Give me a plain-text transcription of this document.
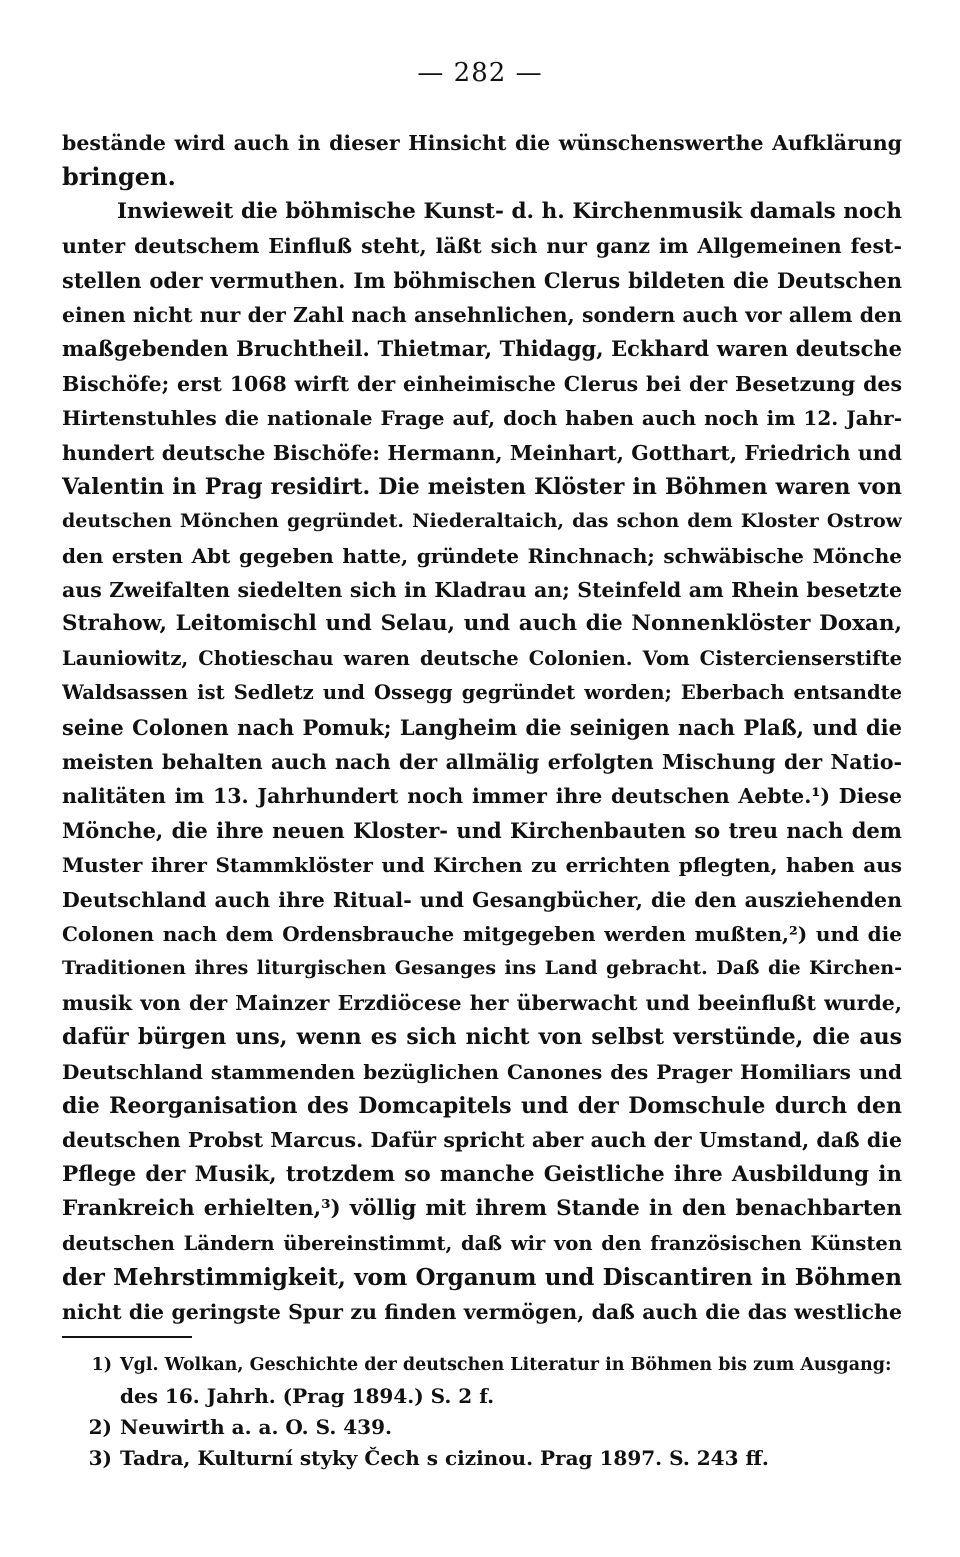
— 282 —
bestände wird auch in dieser Hinsicht die wünschenswerthe Aufklärung
bringen.
Inwieweit die böhmische Kunst- d. h. Kirchenmusik damals noch
unter deutschem Einfluß steht, läßt sich nur ganz im Allgemeinen fest-
stellen oder vermuthen. Im böhmischen Clerus bildeten die Deutschen
einen nicht nur der Zahl nach ansehnlichen, sondern auch vor allem den
maßgebenden Bruchtheil. Thietmar, Thidagg, Eckhard waren deutsche
Bischöfe; erst 1068 wirft der einheimische Clerus bei der Besetzung des
Hirtenstuhles die nationale Frage auf, doch haben auch noch im 12. Jahr-
hundert deutsche Bischöfe: Hermann, Meinhart, Gotthart, Friedrich und
Valentin in Prag residirt. Die meisten Klöster in Böhmen waren von
deutschen Mönchen gegründet. Niederaltaich, das schon dem Kloster Ostrow
den ersten Abt gegeben hatte, gründete Rinchnach; schwäbische Mönche
aus Zweifalten siedelten sich in Kladrau an; Steinfeld am Rhein besetzte
Strahow, Leitomischl und Selau, und auch die Nonnenklöster Doxan,
Launiowitz, Chotieschau waren deutsche Colonien. Vom Cistercienserstifte
Waldsassen ist Sedletz und Ossegg gegründet worden; Eberbach entsandte
seine Colonen nach Pomuk; Langheim die seinigen nach Plaß, und die
meisten behalten auch nach der allmälig erfolgten Mischung der Natio-
nalitäten im 13. Jahrhundert noch immer ihre deutschen Aebte.¹) Diese
Mönche, die ihre neuen Kloster- und Kirchenbauten so treu nach dem
Muster ihrer Stammklöster und Kirchen zu errichten pflegten, haben aus
Deutschland auch ihre Ritual- und Gesangbücher, die den ausziehenden
Colonen nach dem Ordensbrauche mitgegeben werden mußten,²) und die
Traditionen ihres liturgischen Gesanges ins Land gebracht. Daß die Kirchen-
musik von der Mainzer Erzdiöcese her überwacht und beeinflußt wurde,
dafür bürgen uns, wenn es sich nicht von selbst verstünde, die aus
Deutschland stammenden bezüglichen Canones des Prager Homiliars und
die Reorganisation des Domcapitels und der Domschule durch den
deutschen Probst Marcus. Dafür spricht aber auch der Umstand, daß die
Pflege der Musik, trotzdem so manche Geistliche ihre Ausbildung in
Frankreich erhielten,³) völlig mit ihrem Stande in den benachbarten
deutschen Ländern übereinstimmt, daß wir von den französischen Künsten
der Mehrstimmigkeit, vom Organum und Discantiren in Böhmen
nicht die geringste Spur zu finden vermögen, daß auch die das westliche
1) Vgl. Wolkan, Geschichte der deutschen Literatur in Böhmen bis zum Ausgang:
des 16. Jahrh. (Prag 1894.) S. 2 f.
2) Neuwirth a. a. O. S. 439.
3) Tadra, Kulturní styky Čech s cizinou. Prag 1897. S. 243 ff.
